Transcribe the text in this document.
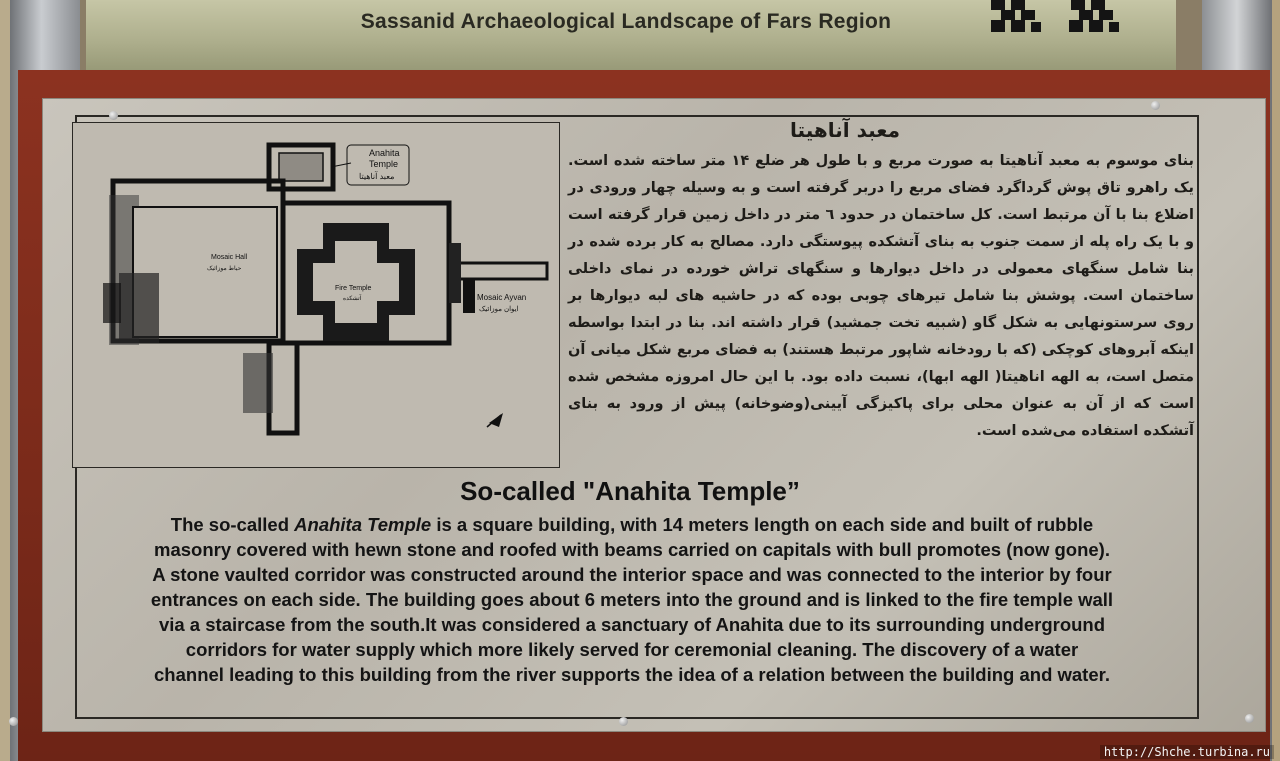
Sassanid Archaeological Landscape of Fars Region
Anahita
Temple
معبد آناهیتا
Mosaic Hall
حیاط موزائیک
Fire Temple
آتشکده	Mosaic Ayvan
ایوان موزائیک
معبد آناهیتا
بنای موسوم به معبد آناهیتا به صورت مربع و با طول هر ضلع ۱۴ متر ساخته شده است. یک راهرو تاق پوش گرداگرد فضای مربع را دربر گرفته است و به وسیله چهار ورودی در اضلاع بنا با آن مرتبط است. کل ساختمان در حدود ٦ متر در داخل زمین قرار گرفته است و با یک راه پله از سمت جنوب به بنای آتشکده پیوستگی دارد. مصالح به کار برده شده در بنا شامل سنگهای معمولی در داخل دیوارها و سنگهای تراش خورده در نمای داخلی ساختمان است. پوشش بنا شامل تیرهای چوبی بوده که در حاشیه های لبه دیوارها بر روی سرستونهایی به شکل گاو (شبیه تخت جمشید) قرار داشته اند. بنا در ابتدا بواسطه اینکه آبروهای کوچکی (که با رودخانه شاپور مرتبط هستند) به فضای مربع شکل میانی آن متصل است، به الهه اناهیتا( الهه ابها)، نسبت داده بود. با این حال امروزه مشخص شده است که از آن به عنوان محلی برای پاکیزگی آیینی(وضوخانه) پیش از ورود به بنای آتشکده استفاده می‌شده است.
So-called "Anahita Temple”
The so-called Anahita Temple is a square building, with 14 meters length on each side and built of rubble
masonry covered with hewn stone and roofed with beams carried on capitals with bull promotes (now gone).
A stone vaulted corridor was constructed around the interior space and was connected to the interior by four
entrances on each side. The building goes about 6 meters into the ground and is linked to the fire temple wall
via a staircase from the south.It was considered a sanctuary of Anahita due to its surrounding underground
corridors for water supply which more likely served for ceremonial cleaning. The discovery of a water
channel leading to this building from the river supports the idea of a relation between the building and water.
http://Shche.turbina.ru
